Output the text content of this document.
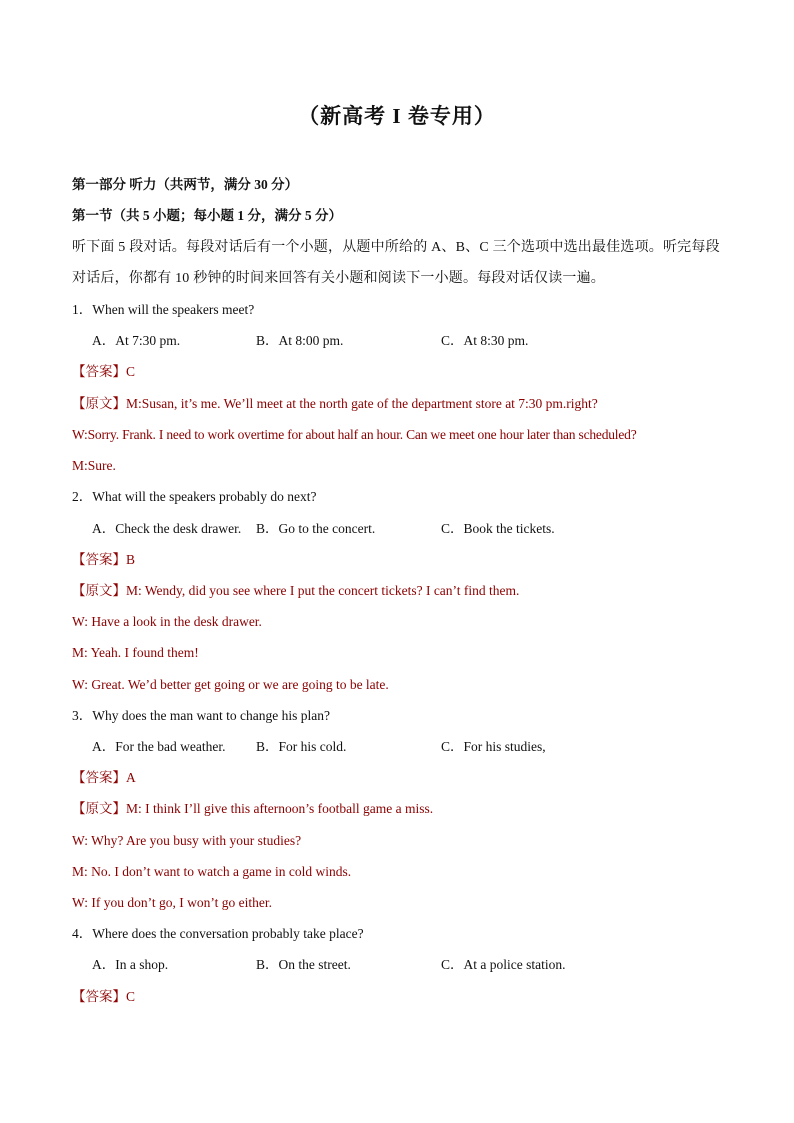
（新高考 I 卷专用）
第一部分 听力（共两节，满分 30 分）
第一节（共 5 小题；每小题 1 分，满分 5 分）
听下面 5 段对话。每段对话后有一个小题，从题中所给的 A、B、C 三个选项中选出最佳选项。听完每段对话后，你都有 10 秒钟的时间来回答有关小题和阅读下一小题。每段对话仅读一遍。
1．When will the speakers meet?
A．At 7:30 pm.	B．At 8:00 pm.	C．At 8:30 pm.
【答案】C
【原文】M:Susan, it’s me. We’ll meet at the north gate of the department store at 7:30 pm.right?
W:Sorry. Frank. I need to work overtime for about half an hour. Can we meet one hour later than scheduled?
M:Sure.
2．What will the speakers probably do next?
A．Check the desk drawer. B．Go to the concert.	C．Book the tickets.
【答案】B
【原文】M: Wendy, did you see where I put the concert tickets? I can’t find them.
W: Have a look in the desk drawer.
M: Yeah. I found them!
W: Great. We’d better get going or we are going to be late.
3．Why does the man want to change his plan?
A．For the bad weather. B．For his cold.	C．For his studies,
【答案】A
【原文】M: I think I’ll give this afternoon’s football game a miss.
W: Why? Are you busy with your studies?
M: No. I don’t want to watch a game in cold winds.
W: If you don’t go, I won’t go either.
4．Where does the conversation probably take place?
A．In a shop.	B．On the street.	C．At a police station.
【答案】C
